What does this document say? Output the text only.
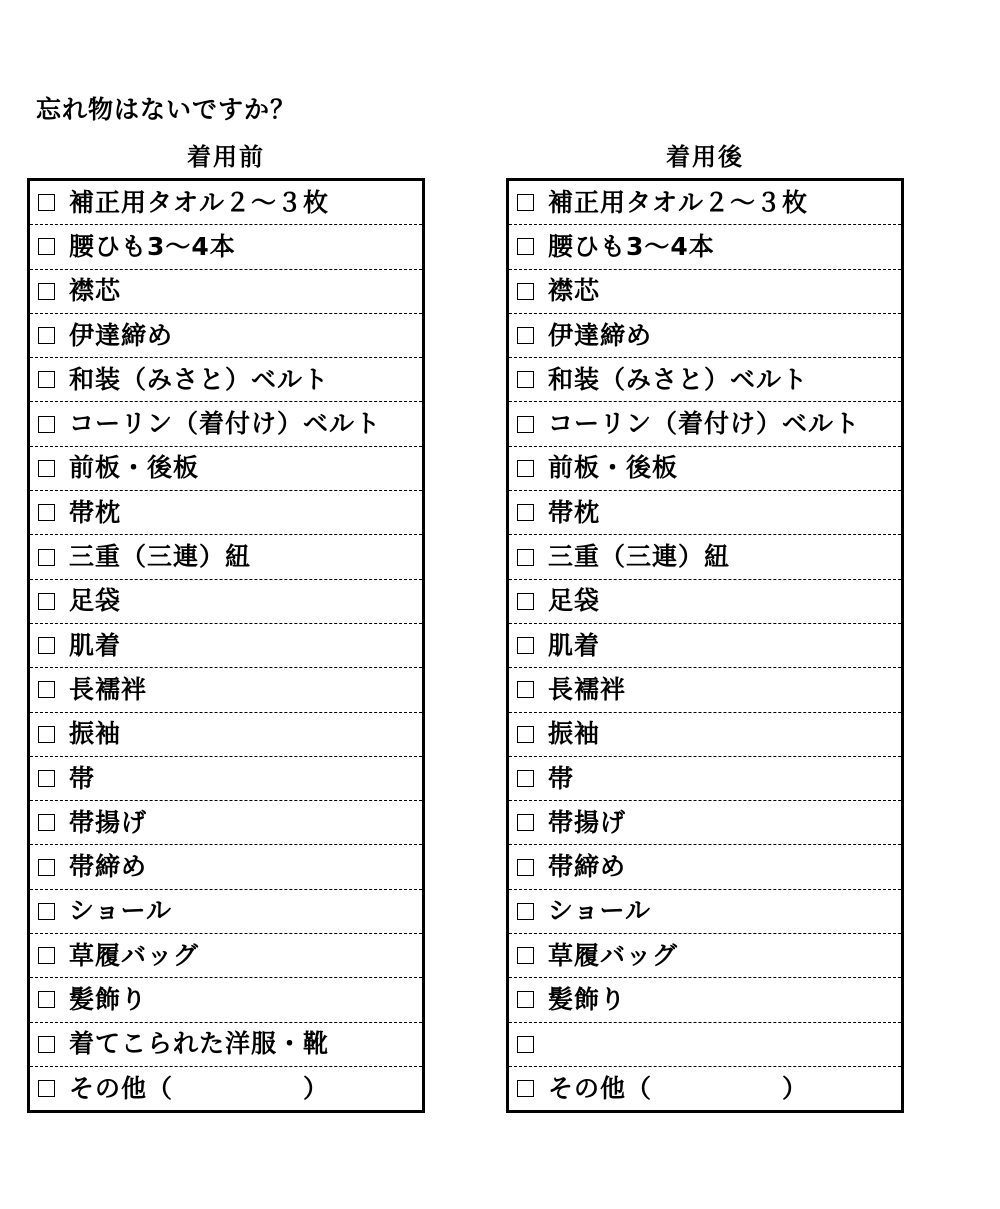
忘れ物はないですか？
着用前
補正用タオル２～３枚
腰ひも3～4本
襟芯
伊達締め
和装（みさと）ベルト
コーリン（着付け）ベルト
前板・後板
帯枕
三重（三連）紐
足袋
肌着
長襦袢
振袖
帯
帯揚げ
帯締め
ショール
草履バッグ
髪飾り
着てこられた洋服・靴
その他（　　　　　）
着用後
補正用タオル２～３枚
腰ひも3～4本
襟芯
伊達締め
和装（みさと）ベルト
コーリン（着付け）ベルト
前板・後板
帯枕
三重（三連）紐
足袋
肌着
長襦袢
振袖
帯
帯揚げ
帯締め
ショール
草履バッグ
髪飾り
その他（　　　　　）
